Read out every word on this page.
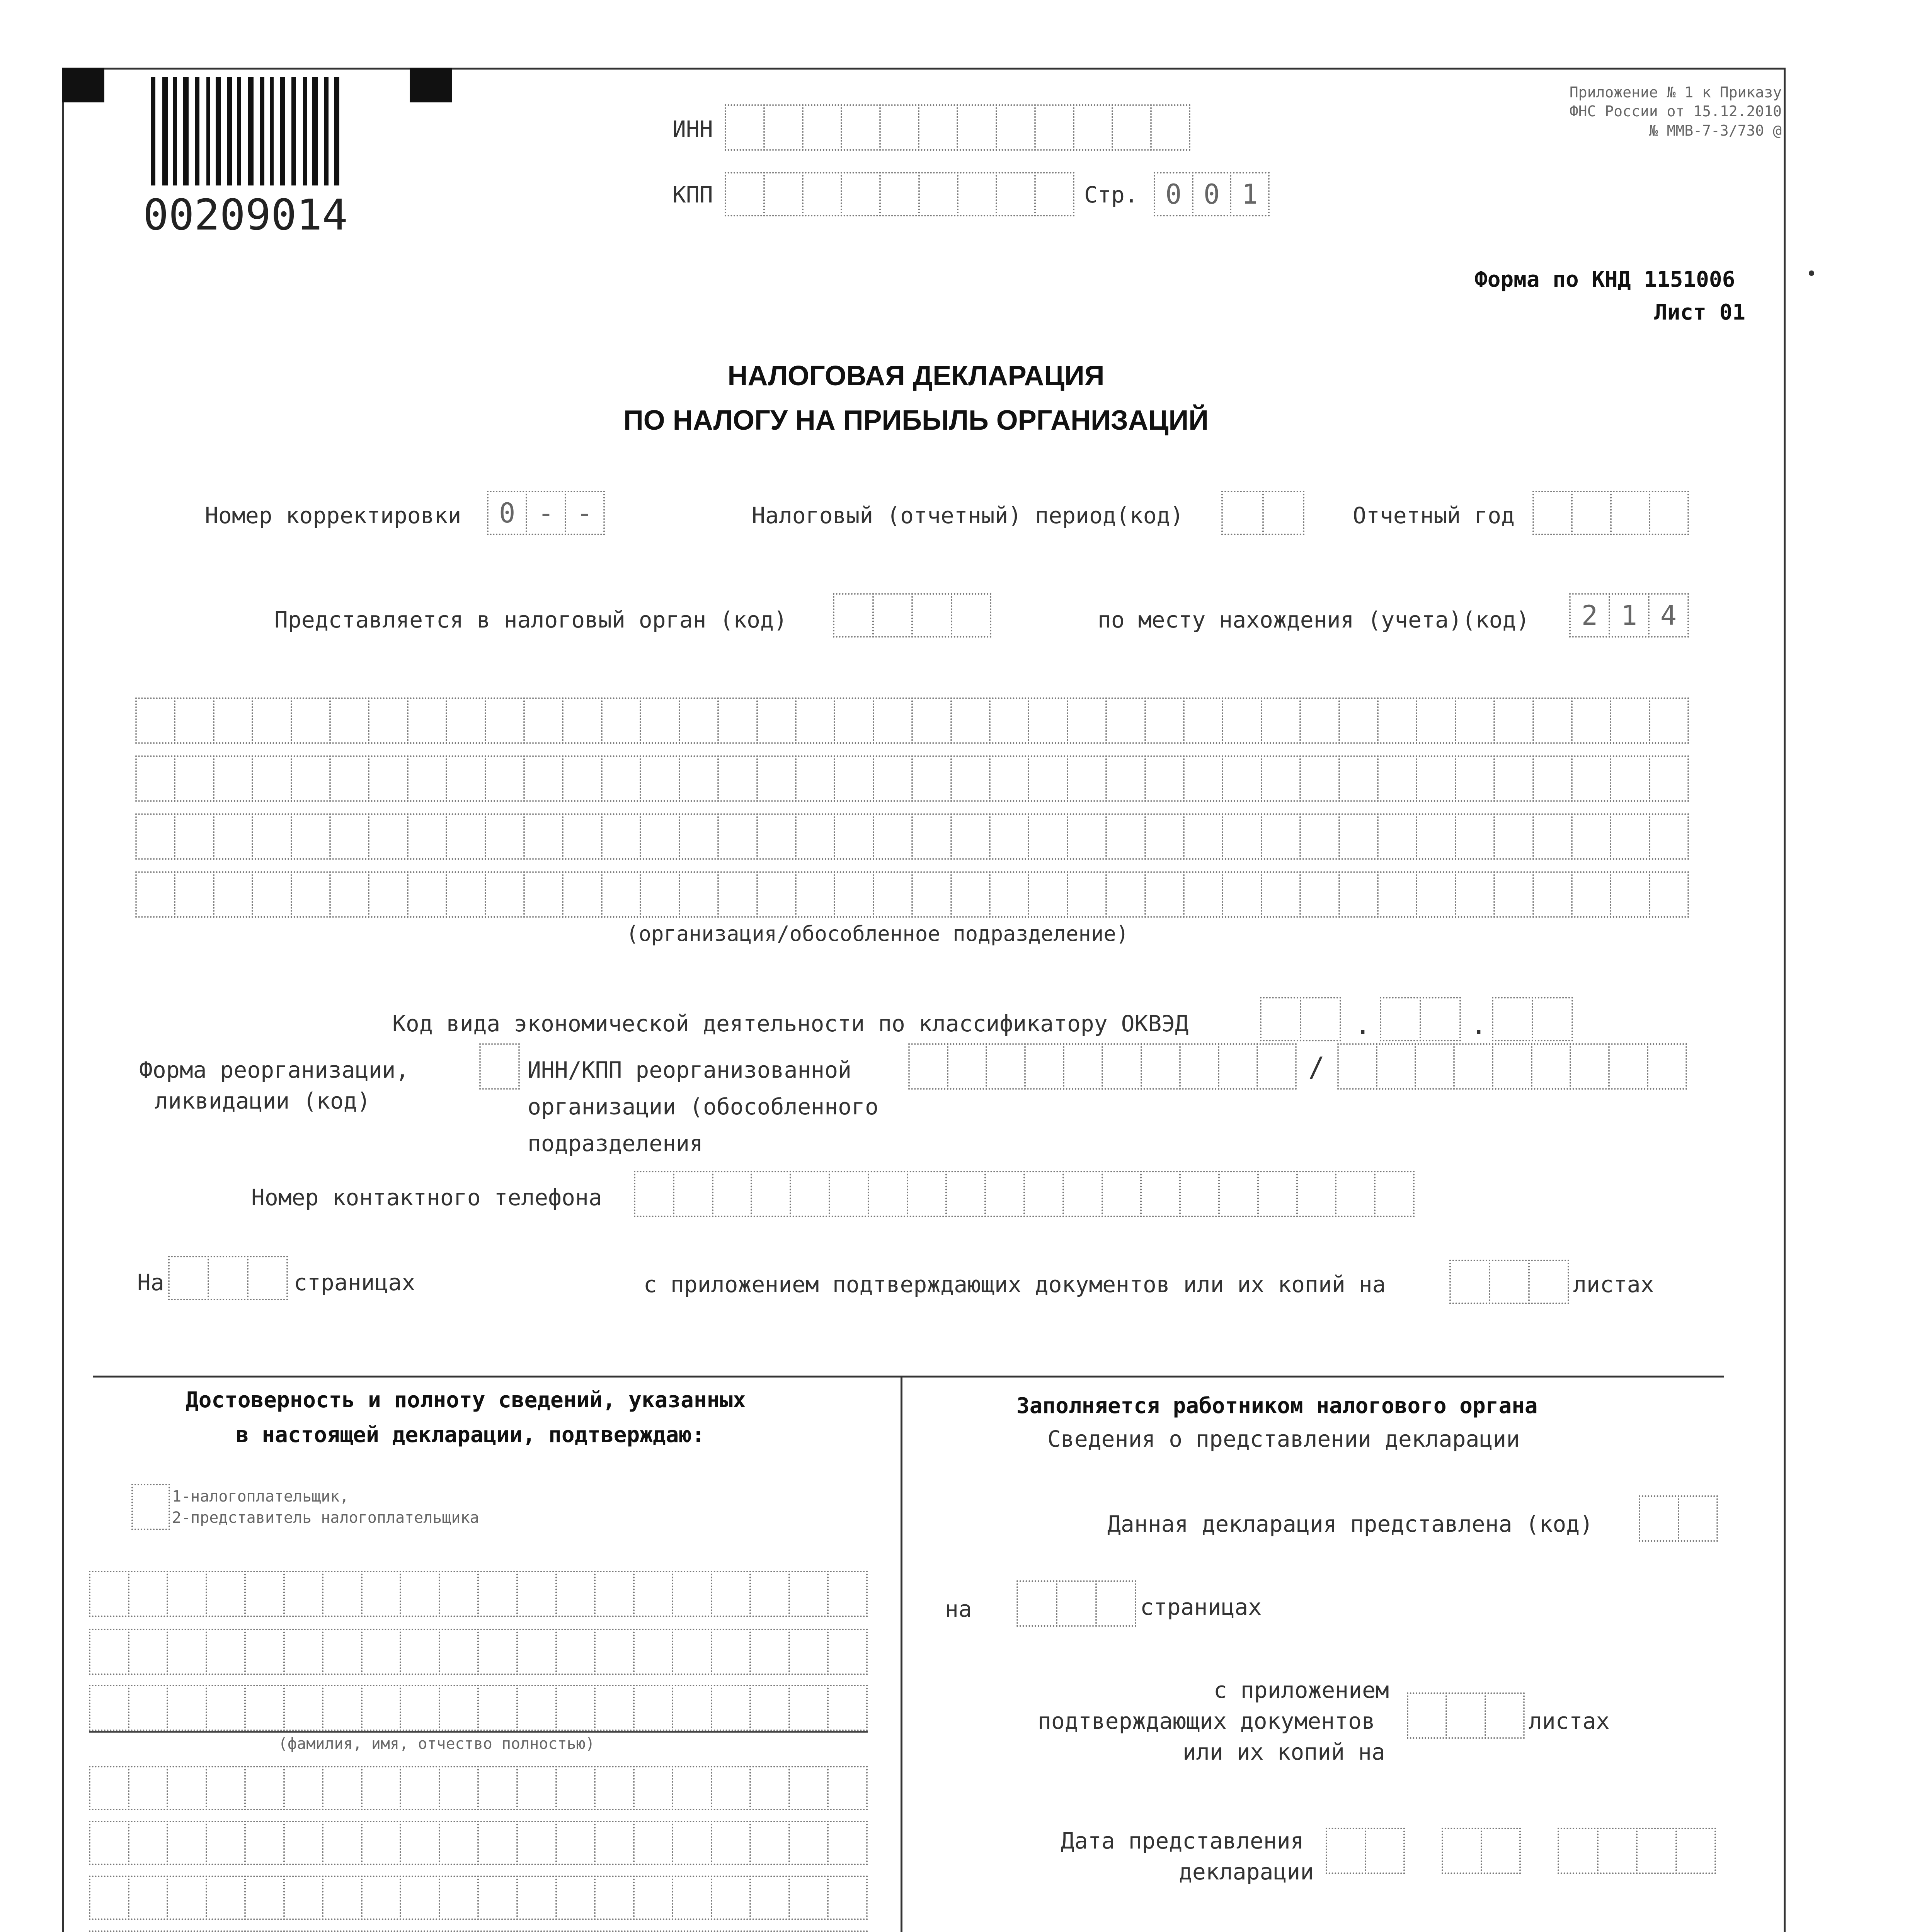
00209014
ИНН
КПП	Стр.	0 0 1
Приложение № 1 к Приказу
ФНС России от 15.12.2010
№ ММВ-7-3/730 @
Форма по КНД 1151006
Лист 01
НАЛОГОВАЯ ДЕКЛАРАЦИЯ
ПО НАЛОГУ НА ПРИБЫЛЬ ОРГАНИЗАЦИЙ
Номер корректировки	0 - -	Налоговый (отчетный) период(код)	Отчетный год
Представляется в налоговый орган (код)	по месту нахождения (учета)(код)	2 1 4
(организация/обособленное подразделение)
Код вида экономической деятельности по классификатору ОКВЭД	.	.
Форма реорганизации,
ликвидации (код)
ИНН/КПП реорганизованной
организации (обособленного
подразделения
/
Номер контактного телефона
На	страницах	с приложением подтверждающих документов или их копий на	листах
Достоверность и полноту сведений, указанных
в настоящей декларации, подтверждаю:
1-налогоплательщик,
2-представитель налогоплательщика
(фамилия, имя, отчество полностью)
Заполняется работником налогового органа
Сведения о представлении декларации
Данная декларация представлена (код)
на	страницах
с приложением
подтверждающих документов
или их копий на
листах
Дата представления
декларации
